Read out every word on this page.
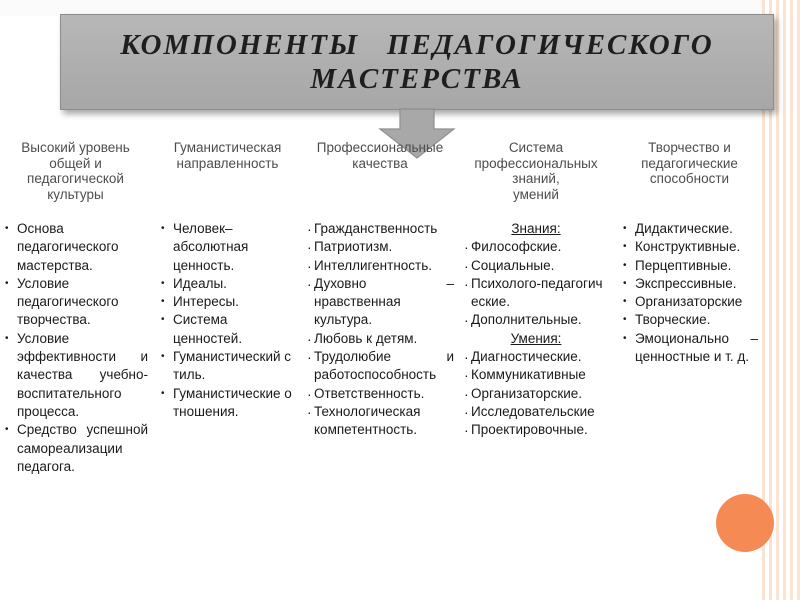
КОМПОНЕНТЫ   ПЕДАГОГИЧЕСКОГО
МАСТЕРСТВА
Высокий уровень
общей и
педагогической
культуры
• Основа педагогического мастерства.
• Условие педагогического творчества.
• Условие эффективности и качества учебно-воспитательного процесса.
• Средство успешной самореализации педагога.
Гуманистическая
направленность
• Человек–абсолютная ценность.
• Идеалы.
• Интересы.
• Система ценностей.
• Гуманистический стиль.
• Гуманистические отношения.
Профессиональные
качества
· Гражданственность
· Патриотизм.
· Интеллигентность.
· Духовно – нравственная культура.
· Любовь к детям.
· Трудолюбие и работоспособность
· Ответственность.
· Технологическая компетентность.
Система
профессиональных
знаний,
умений
Знания:
· Философские.
· Социальные.
· Психолого-педагогические.
· Дополнительные.
Умения:
· Диагностические.
· Коммуникативные
· Организаторские.
· Исследовательские
· Проектировочные.
Творчество и
педагогические
способности
• Дидактические.
• Конструктивные.
• Перцептивные.
• Экспрессивные.
• Организаторские
• Творческие.
• Эмоционально – ценностные и т. д.
